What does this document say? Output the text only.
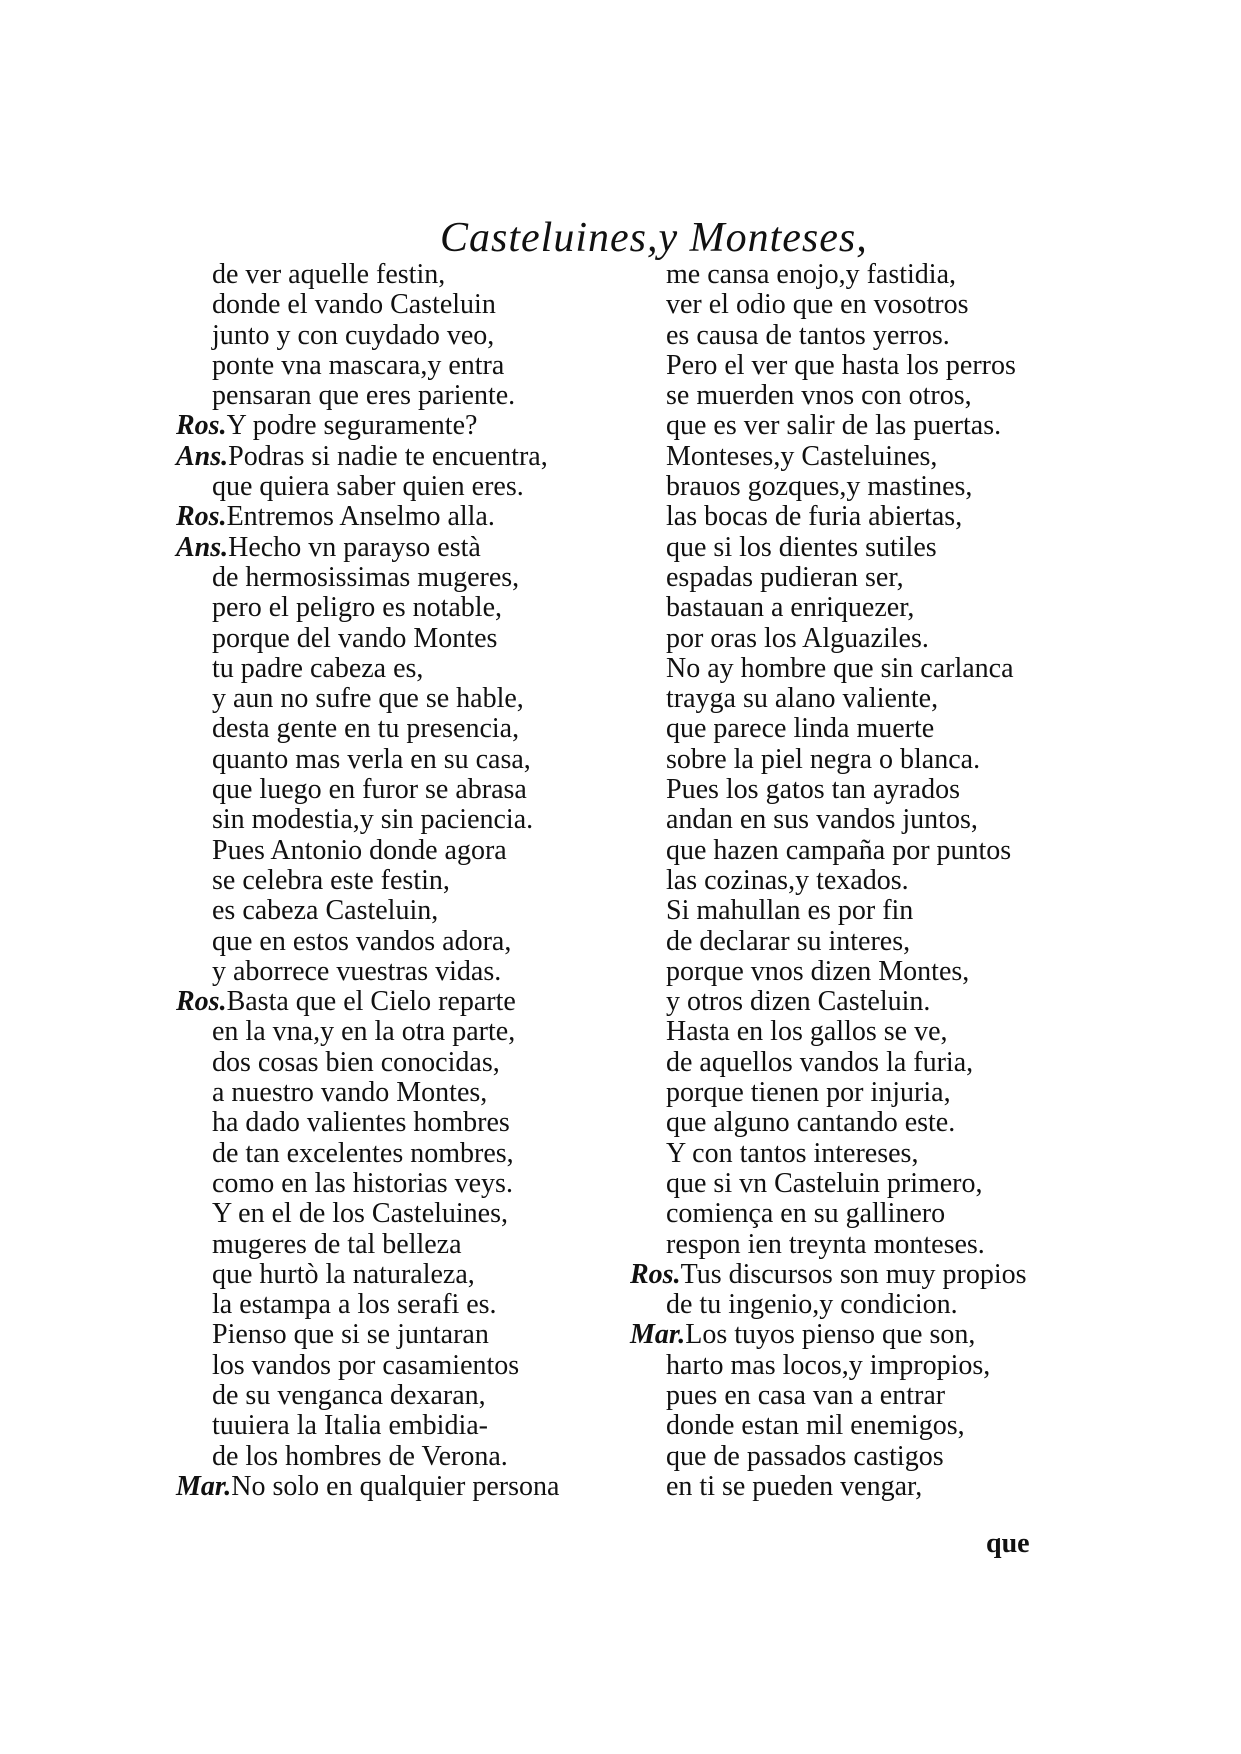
Casteluines,y Monteses,
de ver aquelle festin,
donde el vando Casteluin
junto y con cuydado veo,
ponte vna mascara,y entra
pensaran que eres pariente.
Ros.Y podre seguramente?
Ans.Podras si nadie te encuentra,
que quiera saber quien eres.
Ros.Entremos Anselmo alla.
Ans.Hecho vn parayso està
de hermosissimas mugeres,
pero el peligro es notable,
porque del vando Montes
tu padre cabeza es,
y aun no sufre que se hable,
desta gente en tu presencia,
quanto mas verla en su casa,
que luego en furor se abrasa
sin modestia,y sin paciencia.
Pues Antonio donde agora
se celebra este festin,
es cabeza Casteluin,
que en estos vandos adora,
y aborrece vuestras vidas.
Ros.Basta que el Cielo reparte
en la vna,y en la otra parte,
dos cosas bien conocidas,
a nuestro vando Montes,
ha dado valientes hombres
de tan excelentes nombres,
como en las historias veys.
Y en el de los Casteluines,
mugeres de tal belleza
que hurtò la naturaleza,
la estampa a los serafi es.
Pienso que si se juntaran
los vandos por casamientos
de su venganca dexaran,
tuuiera la Italia embidia-
de los hombres de Verona.
Mar.No solo en qualquier persona
me cansa enojo,y fastidia,
ver el odio que en vosotros
es causa de tantos yerros.
Pero el ver que hasta los perros
se muerden vnos con otros,
que es ver salir de las puertas.
Monteses,y Casteluines,
brauos gozques,y mastines,
las bocas de furia abiertas,
que si los dientes sutiles
espadas pudieran ser,
bastauan a enriquezer,
por oras los Alguaziles.
No ay hombre que sin carlanca
trayga su alano valiente,
que parece linda muerte
sobre la piel negra o blanca.
Pues los gatos tan ayrados
andan en sus vandos juntos,
que hazen campaña por puntos
las cozinas,y texados.
Si mahullan es por fin
de declarar su interes,
porque vnos dizen Montes,
y otros dizen Casteluin.
Hasta en los gallos se ve,
de aquellos vandos la furia,
porque tienen por injuria,
que alguno cantando este.
Y con tantos intereses,
que si vn Casteluin primero,
comiença en su gallinero
respon ien treynta monteses.
Ros.Tus discursos son muy propios
de tu ingenio,y condicion.
Mar.Los tuyos pienso que son,
harto mas locos,y impropios,
pues en casa van a entrar
donde estan mil enemigos,
que de passados castigos
en ti se pueden vengar,
que
